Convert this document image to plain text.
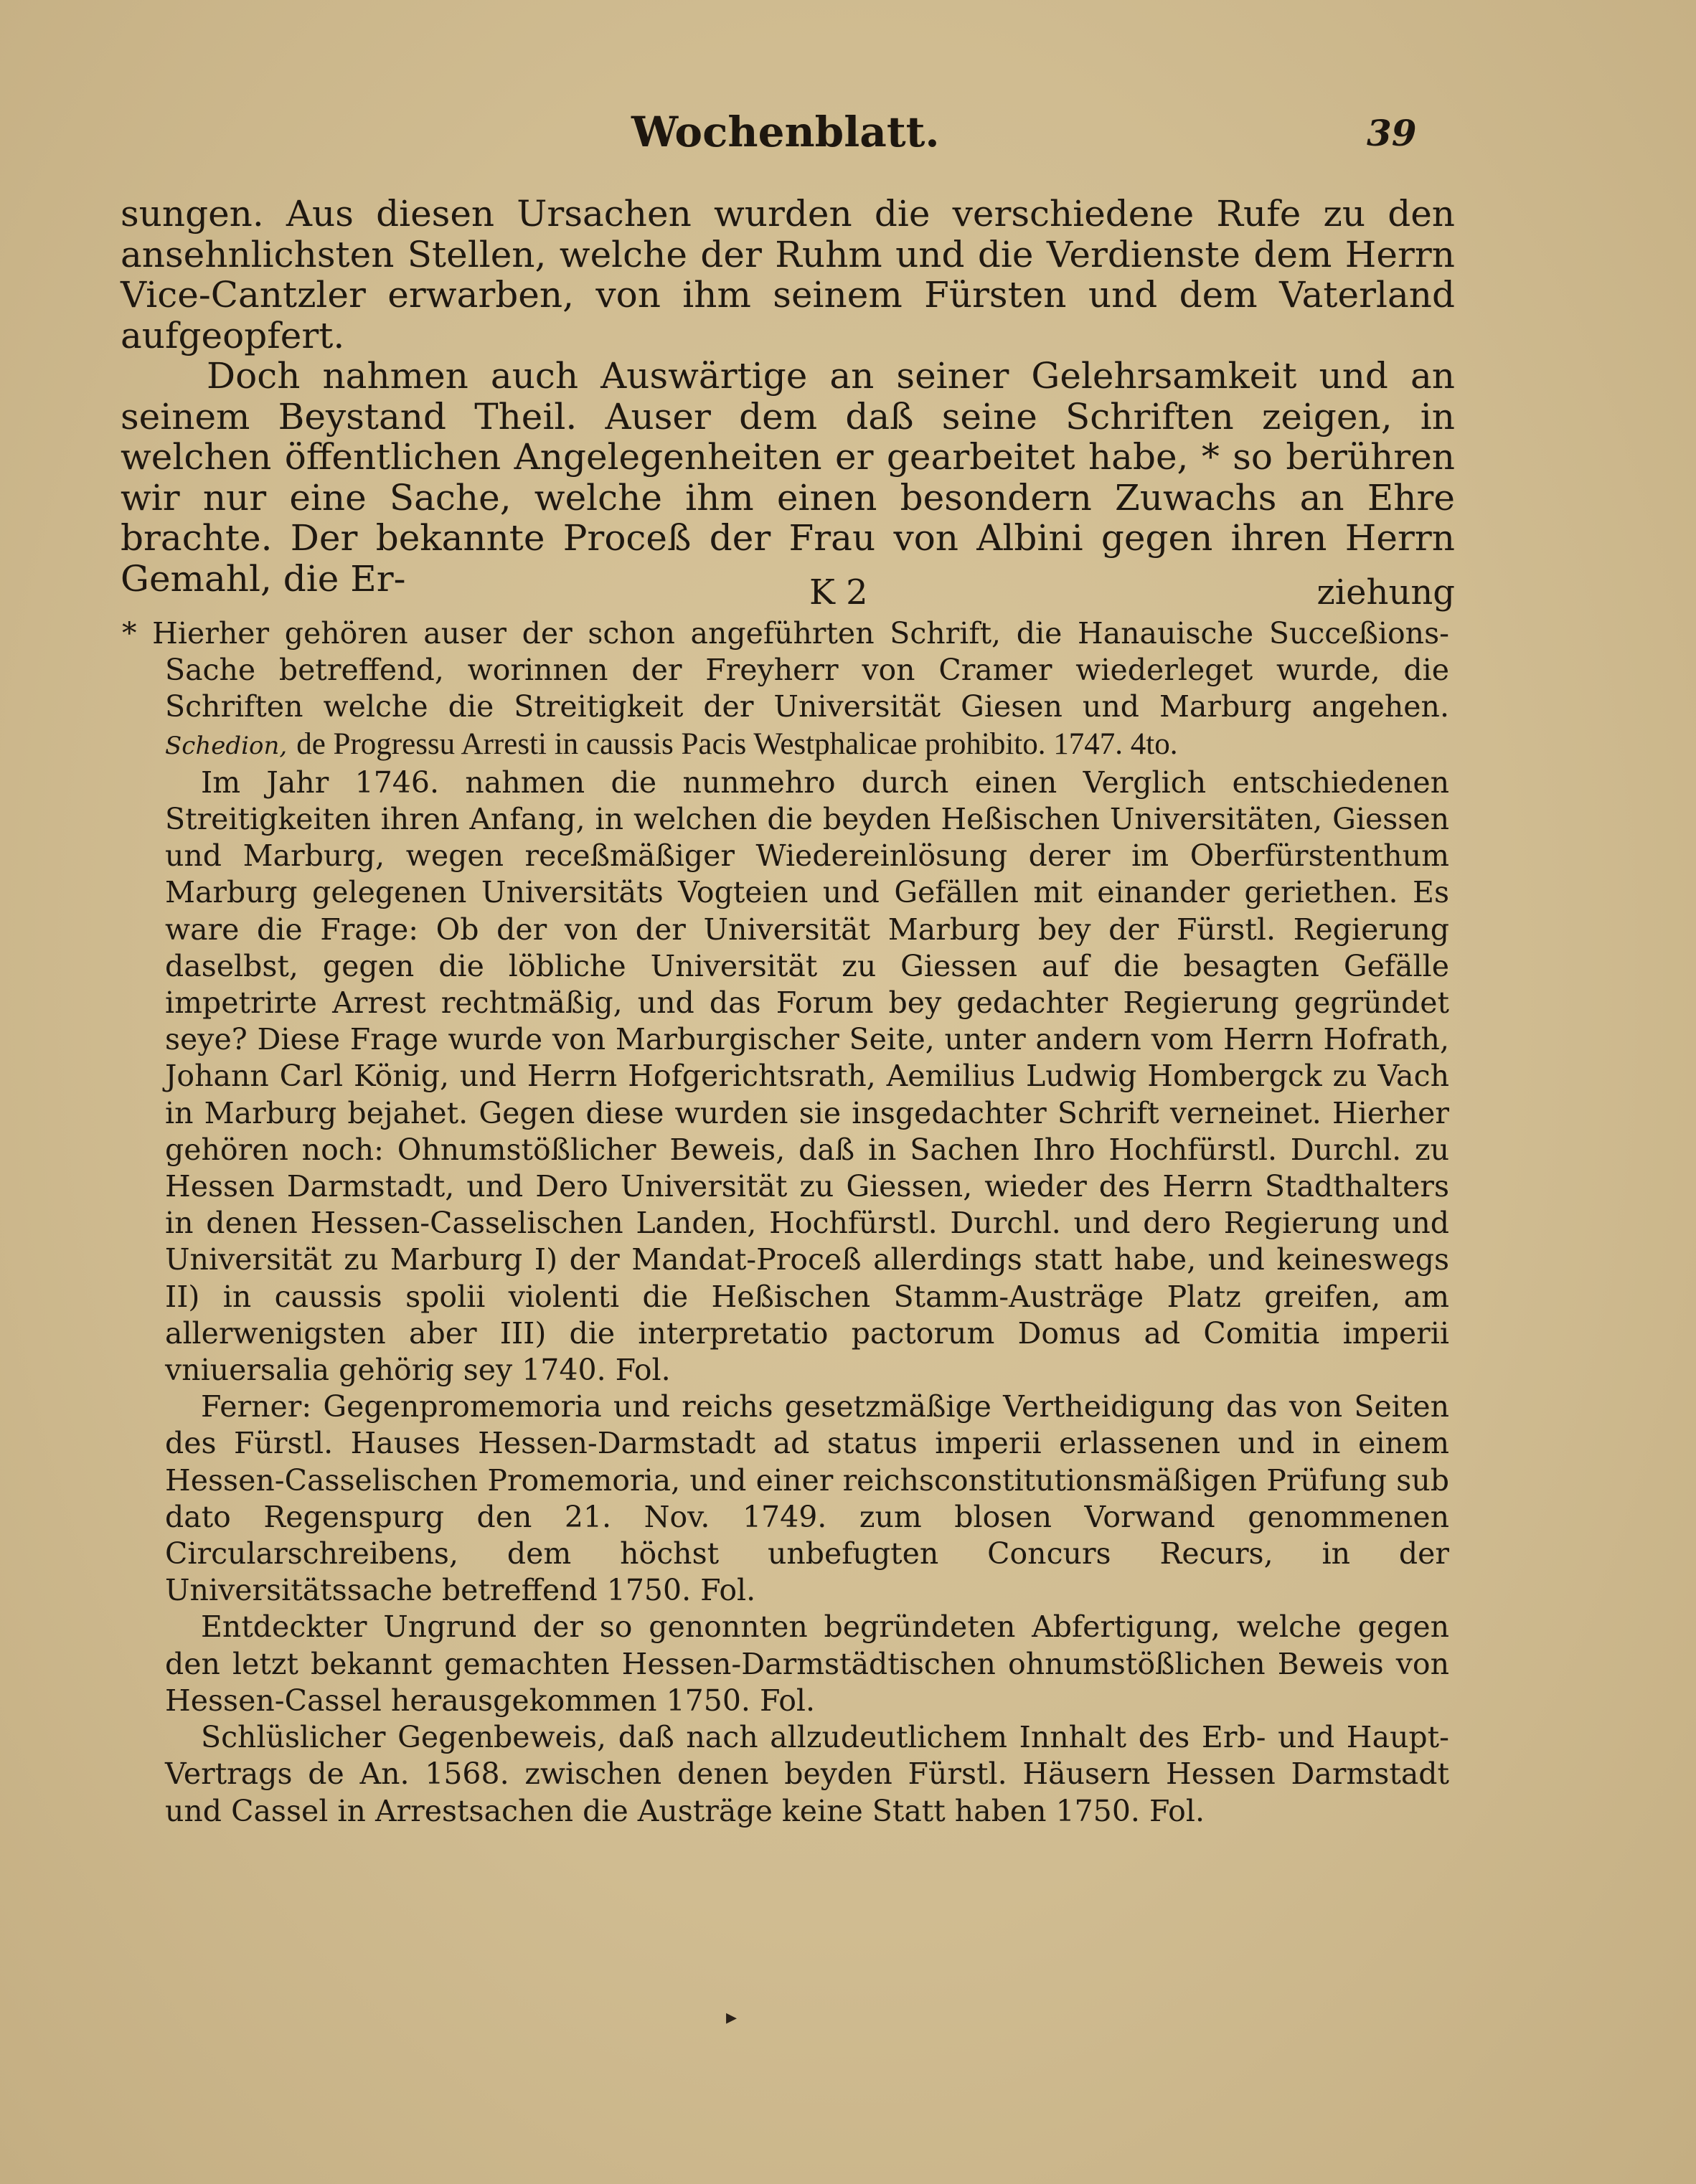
Wochenblatt.	39

sungen. Aus diesen Ursachen wurden die verschiedene Rufe zu den ansehnlichsten Stellen, welche der Ruhm und die Verdienste dem Herrn Vice-Cantzler erwarben, von ihm seinem Fürsten und dem Vaterland aufgeopfert.

Doch nahmen auch Auswärtige an seiner Gelehrsamkeit und an seinem Beystand Theil. Auser dem daß seine Schriften zeigen, in welchen öffentlichen Angelegenheiten er gearbeitet habe, * so berühren wir nur eine Sache, welche ihm einen besondern Zuwachs an Ehre brachte. Der bekannte Proceß der Frau von Albini gegen ihren Herrn Gemahl, die Er-	K 2	ziehung

* Hierher gehören auser der schon angeführten Schrift, die Hanauische Succeßions-Sache betreffend, worinnen der Freyherr von Cramer wiederleget wurde, die Schriften welche die Streitigkeit der Universität Giesen und Marburg angehen. Schedion, de Progressu Arresti in caussis Pacis Westphalicae prohibito. 1747. 4to.

Im Jahr 1746. nahmen die nunmehro durch einen Verglich entschiedenen Streitigkeiten ihren Anfang, in welchen die beyden Heßischen Universitäten, Giessen und Marburg, wegen receßmäßiger Wiedereinlösung derer im Oberfürstenthum Marburg gelegenen Universitäts Vogteien und Gefällen mit einander geriethen. Es ware die Frage: Ob der von der Universität Marburg bey der Fürstl. Regierung daselbst, gegen die löbliche Universität zu Giessen auf die besagten Gefälle impetrirte Arrest rechtmäßig, und das Forum bey gedachter Regierung gegründet seye? Diese Frage wurde von Marburgischer Seite, unter andern vom Herrn Hofrath, Johann Carl König, und Herrn Hofgerichtsrath, Aemilius Ludwig Hombergck zu Vach in Marburg bejahet. Gegen diese wurden sie insgedachter Schrift verneinet. Hierher gehören noch: Ohnumstößlicher Beweis, daß in Sachen Ihro Hochfürstl. Durchl. zu Hessen Darmstadt, und Dero Universität zu Giessen, wieder des Herrn Stadthalters in denen Hessen-Casselischen Landen, Hochfürstl. Durchl. und dero Regierung und Universität zu Marburg I) der Mandat-Proceß allerdings statt habe, und keineswegs II) in caussis spolii violenti die Heßischen Stamm-Austräge Platz greifen, am allerwenigsten aber III) die interpretatio pactorum Domus ad Comitia imperii vniuersalia gehörig sey 1740. Fol.

Ferner: Gegenpromemoria und reichs gesetzmäßige Vertheidigung das von Seiten des Fürstl. Hauses Hessen-Darmstadt ad status imperii erlassenen und in einem Hessen-Casselischen Promemoria, und einer reichsconstitutionsmäßigen Prüfung sub dato Regenspurg den 21. Nov. 1749. zum blosen Vorwand genommenen Circularschreibens, dem höchst unbefugten Concurs Recurs, in der Universitätssache betreffend 1750. Fol.

Entdeckter Ungrund der so genonnten begründeten Abfertigung, welche gegen den letzt bekannt gemachten Hessen-Darmstädtischen ohnumstößlichen Beweis von Hessen-Cassel herausgekommen 1750. Fol.

Schlüslicher Gegenbeweis, daß nach allzudeutlichem Innhalt des Erb- und Haupt-Vertrags de An. 1568. zwischen denen beyden Fürstl. Häusern Hessen Darmstadt und Cassel in Arrestsachen die Austräge keine Statt haben 1750. Fol.

▸
